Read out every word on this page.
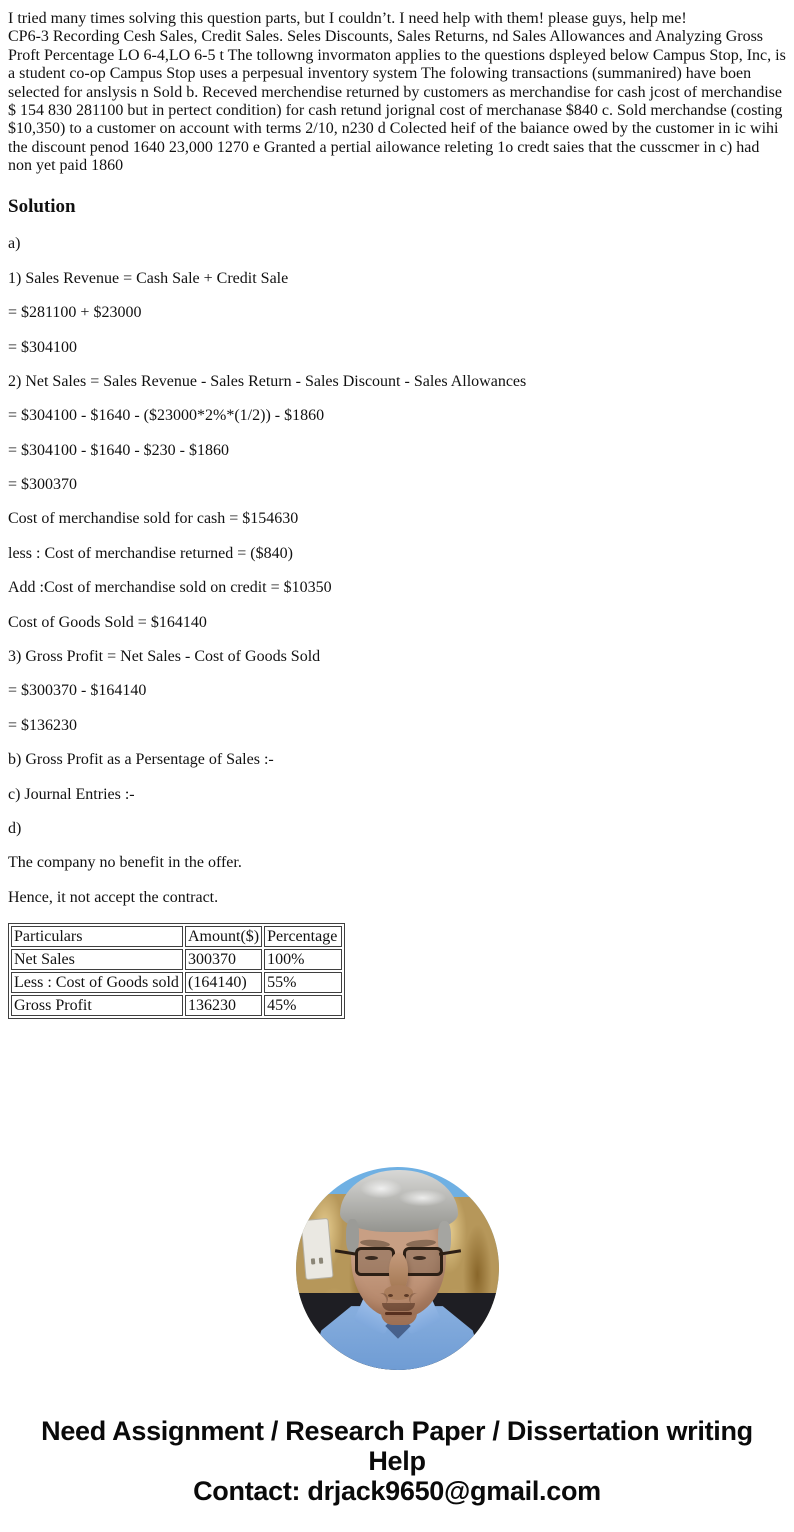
I tried many times solving this question parts, but I couldn’t. I need help with them! please guys, help me!
CP6-3 Recording Cesh Sales, Credit Sales. Seles Discounts, Sales Returns, nd Sales Allowances and Analyzing Gross Proft Percentage LO 6-4,LO 6-5 t The tollowng invormaton applies to the questions dspleyed below Campus Stop, Inc, is a student co-op Campus Stop uses a perpesual inventory system The folowing transactions (summanired) have boen selected for anslysis n Sold b. Receved merchendise returned by customers as merchandise for cash jcost of merchandise $ 154 830 281100 but in pertect condition) for cash retund jorignal cost of merchanase $840 c. Sold merchandse (costing $10,350) to a customer on account with terms 2/10, n230 d Colected heif of the baiance owed by the customer in ic wihi the discount penod 1640 23,000 1270 e Granted a pertial ailowance releting 1o credt saies that the cusscmer in c) had non yet paid 1860

Solution

a)

1) Sales Revenue = Cash Sale + Credit Sale

= $281100 + $23000

= $304100

2) Net Sales = Sales Revenue - Sales Return - Sales Discount - Sales Allowances

= $304100 - $1640 - ($23000*2%*(1/2)) - $1860

= $304100 - $1640 - $230 - $1860

= $300370

Cost of merchandise sold for cash = $154630

less : Cost of merchandise returned = ($840)

Add :Cost of merchandise sold on credit = $10350

Cost of Goods Sold = $164140

3) Gross Profit = Net Sales - Cost of Goods Sold

= $300370 - $164140

= $136230

b) Gross Profit as a Persentage of Sales :-

c) Journal Entries :-

d)

The company no benefit in the offer.

Hence, it not accept the contract.

Particulars	Amount($)	Percentage
Net Sales	300370	100%
Less : Cost of Goods sold	(164140)	55%
Gross Profit	136230	45%
Need Assignment / Research Paper / Dissertation writing Help
Contact: drjack9650@gmail.com
